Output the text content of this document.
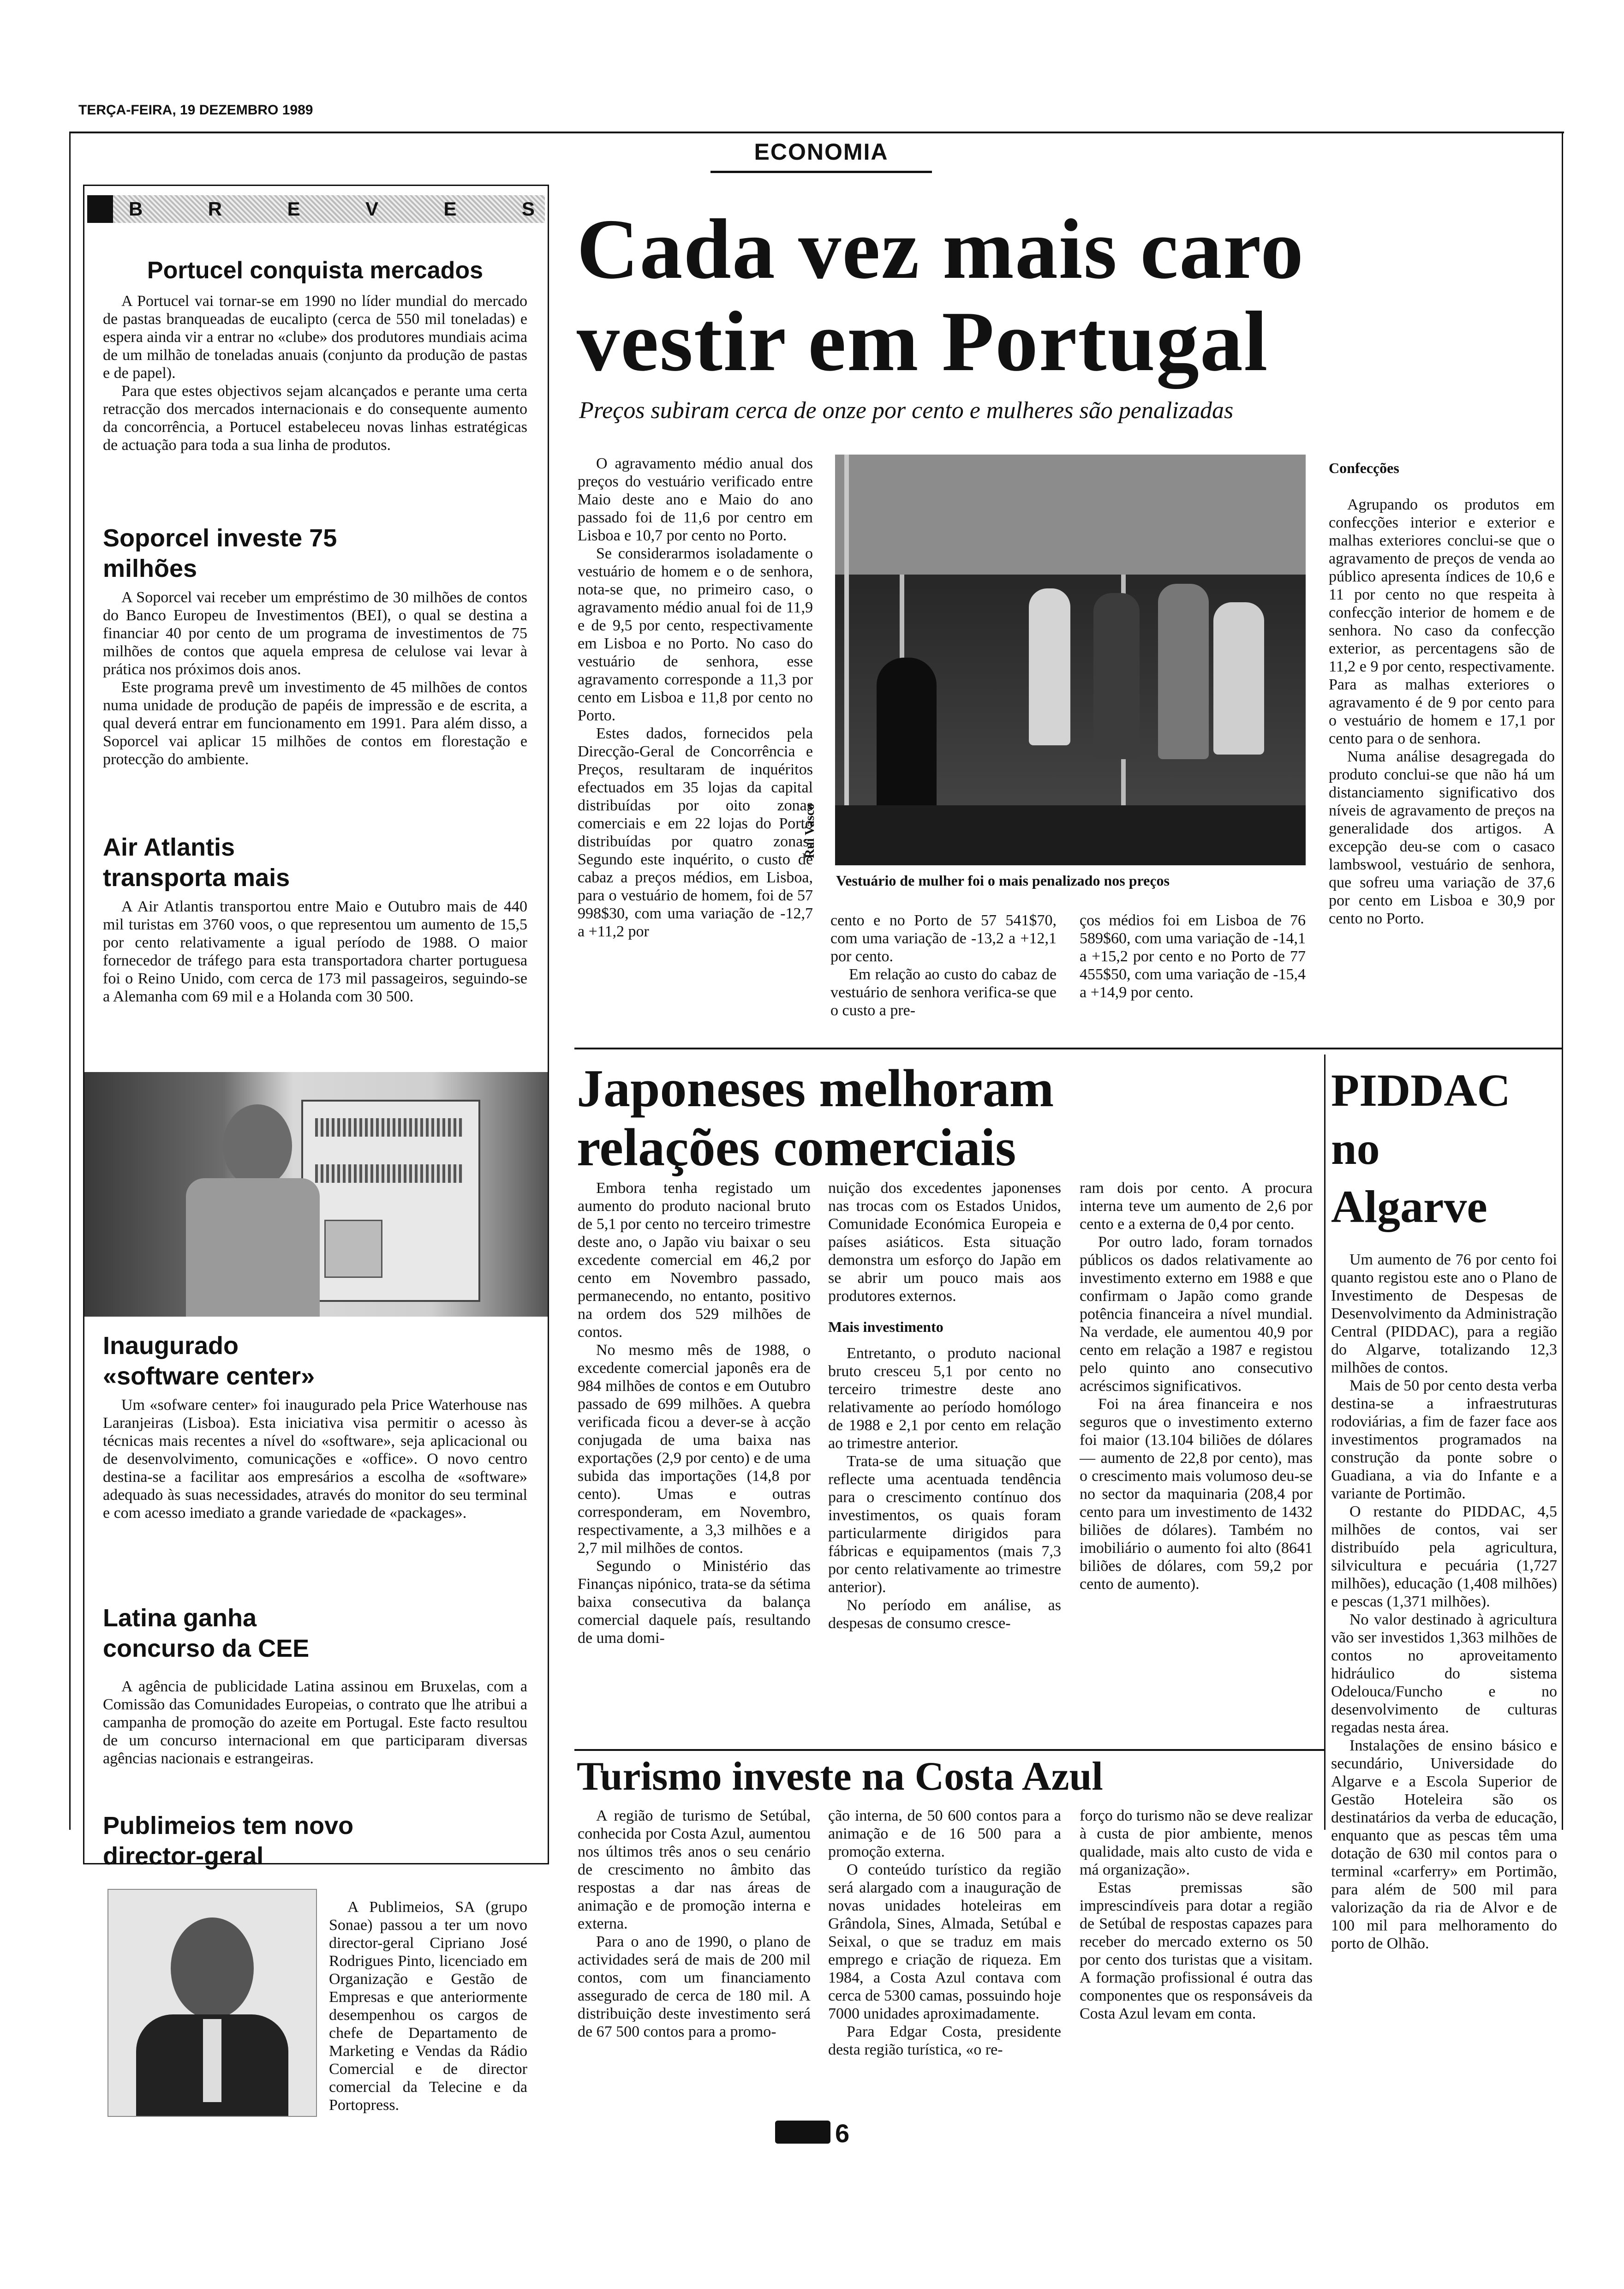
TERÇA-FEIRA, 19 DEZEMBRO 1989
ECONOMIA
B	R	E	V	E	S

Portucel conquista mercados

A Portucel vai tornar-se em 1990 no líder mundial do mercado de pastas branqueadas de eucalipto (cerca de 550 mil toneladas) e espera ainda vir a entrar no «clube» dos produtores mundiais acima de um milhão de toneladas anuais (conjunto da produção de pastas e de papel).

Para que estes objectivos sejam alcançados e perante uma certa retracção dos mercados internacionais e do consequente aumento da concorrência, a Portucel estabeleceu novas linhas estratégicas de actuação para toda a sua linha de produtos.

Soporcel investe 75 milhões

A Soporcel vai receber um empréstimo de 30 milhões de contos do Banco Europeu de Investimentos (BEI), o qual se destina a financiar 40 por cento de um programa de investimentos de 75 milhões de contos que aquela empresa de celulose vai levar à prática nos próximos dois anos.

Este programa prevê um investimento de 45 milhões de contos numa unidade de produção de papéis de impressão e de escrita, a qual deverá entrar em funcionamento em 1991. Para além disso, a Soporcel vai aplicar 15 milhões de contos em florestação e protecção do ambiente.

Air Atlantis transporta mais

A Air Atlantis transportou entre Maio e Outubro mais de 440 mil turistas em 3760 voos, o que representou um aumento de 15,5 por cento relativamente a igual período de 1988. O maior fornecedor de tráfego para esta transportadora charter portuguesa foi o Reino Unido, com cerca de 173 mil passageiros, seguindo-se a Alemanha com 69 mil e a Holanda com 30 500.

Inaugurado «software center»

Um «sofware center» foi inaugurado pela Price Waterhouse nas Laranjeiras (Lisboa). Esta iniciativa visa permitir o acesso às técnicas mais recentes a nível do «software», seja aplicacional ou de desenvolvimento, comunicações e «office». O novo centro destina-se a facilitar aos empresários a escolha de «software» adequado às suas necessidades, através do monitor do seu terminal e com acesso imediato a grande variedade de «packages».

Latina ganha concurso da CEE

A agência de publicidade Latina assinou em Bruxelas, com a Comissão das Comunidades Europeias, o contrato que lhe atribui a campanha de promoção do azeite em Portugal. Este facto resultou de um concurso internacional em que participaram diversas agências nacionais e estrangeiras.

Publimeios tem novo director-geral

A Publimeios, SA (grupo Sonae) passou a ter um novo director-geral Cipriano José Rodrigues Pinto, licenciado em Organização e Gestão de Empresas e que anteriormente desempenhou os cargos de chefe de Departamento de Marketing e Vendas da Rádio Comercial e de director comercial da Telecine e da Portopress.

Cada vez mais caro
vestir em Portugal
Preços subiram cerca de onze por cento e mulheres são penalizadas

O agravamento médio anual dos preços do vestuário verificado entre Maio deste ano e Maio do ano passado foi de 11,6 por centro em Lisboa e 10,7 por cento no Porto.

Se considerarmos isoladamente o vestuário de homem e o de senhora, nota-se que, no primeiro caso, o agravamento médio anual foi de 11,9 e de 9,5 por cento, respectivamente em Lisboa e no Porto. No caso do vestuário de senhora, esse agravamento corresponde a 11,3 por cento em Lisboa e 11,8 por cento no Porto.

Estes dados, fornecidos pela Direcção-Geral de Concorrência e Preços, resultaram de inquéritos efectuados em 35 lojas da capital distribuídas por oito zonas comerciais e em 22 lojas do Porto distribuídas por quatro zonas. Segundo este inquérito, o custo de cabaz a preços médios, em Lisboa, para o vestuário de homem, foi de 57 998$30, com uma variação de -12,7 a +11,2 por

Rui Vasco
Vestuário de mulher foi o mais penalizado nos preços

cento e no Porto de 57 541$70, com uma variação de -13,2 a +12,1 por cento.

Em relação ao custo do cabaz de vestuário de senhora verifica-se que o custo a pre-

ços médios foi em Lisboa de 76 589$60, com uma variação de -14,1 a +15,2 por cento e no Porto de 77 455$50, com uma variação de -15,4 a +14,9 por cento.

Confecções

Agrupando os produtos em confecções interior e exterior e malhas exteriores conclui-se que o agravamento de preços de venda ao público apresenta índices de 10,6 e 11 por cento no que respeita à confecção interior de homem e de senhora. No caso da confecção exterior, as percentagens são de 11,2 e 9 por cento, respectivamente. Para as malhas exteriores o agravamento é de 9 por cento para o vestuário de homem e 17,1 por cento para o de senhora.

Numa análise desagregada do produto conclui-se que não há um distanciamento significativo dos níveis de agravamento de preços na generalidade dos artigos. A excepção deu-se com o casaco lambswool, vestuário de senhora, que sofreu uma variação de 37,6 por cento em Lisboa e 30,9 por cento no Porto.

Japoneses melhoram
relações comerciais

Embora tenha registado um aumento do produto nacional bruto de 5,1 por cento no terceiro trimestre deste ano, o Japão viu baixar o seu excedente comercial em 46,2 por cento em Novembro passado, permanecendo, no entanto, positivo na ordem dos 529 milhões de contos.

No mesmo mês de 1988, o excedente comercial japonês era de 984 milhões de contos e em Outubro passado de 699 milhões. A quebra verificada ficou a dever-se à acção conjugada de uma baixa nas exportações (2,9 por cento) e de uma subida das importações (14,8 por cento). Umas e outras corresponderam, em Novembro, respectivamente, a 3,3 milhões e a 2,7 mil milhões de contos.

Segundo o Ministério das Finanças nipónico, trata-se da sétima baixa consecutiva da balança comercial daquele país, resultando de uma domi-

nuição dos excedentes japonenses nas trocas com os Estados Unidos, Comunidade Económica Europeia e países asiáticos. Esta situação demonstra um esforço do Japão em se abrir um pouco mais aos produtores externos.

Mais investimento

Entretanto, o produto nacional bruto cresceu 5,1 por cento no terceiro trimestre deste ano relativamente ao período homólogo de 1988 e 2,1 por cento em relação ao trimestre anterior.

Trata-se de uma situação que reflecte uma acentuada tendência para o crescimento contínuo dos investimentos, os quais foram particularmente dirigidos para fábricas e equipamentos (mais 7,3 por cento relativamente ao trimestre anterior).

No período em análise, as despesas de consumo cresce-

ram dois por cento. A procura interna teve um aumento de 2,6 por cento e a externa de 0,4 por cento.

Por outro lado, foram tornados públicos os dados relativamente ao investimento externo em 1988 e que confirmam o Japão como grande potência financeira a nível mundial. Na verdade, ele aumentou 40,9 por cento em relação a 1987 e registou pelo quinto ano consecutivo acréscimos significativos.

Foi na área financeira e nos seguros que o investimento externo foi maior (13.104 biliões de dólares — aumento de 22,8 por cento), mas o crescimento mais volumoso deu-se no sector da maquinaria (208,4 por cento para um investimento de 1432 biliões de dólares). Também no imobiliário o aumento foi alto (8641 biliões de dólares, com 59,2 por cento de aumento).

PIDDAC
no
Algarve

Um aumento de 76 por cento foi quanto registou este ano o Plano de Investimento de Despesas de Desenvolvimento da Administração Central (PIDDAC), para a região do Algarve, totalizando 12,3 milhões de contos.

Mais de 50 por cento desta verba destina-se a infraestruturas rodoviárias, a fim de fazer face aos investimentos programados na construção da ponte sobre o Guadiana, a via do Infante e a variante de Portimão.

O restante do PIDDAC, 4,5 milhões de contos, vai ser distribuído pela agricultura, silvicultura e pecuária (1,727 milhões), educação (1,408 milhões) e pescas (1,371 milhões).

No valor destinado à agricultura vão ser investidos 1,363 milhões de contos no aproveitamento hidráulico do sistema Odelouca/Funcho e no desenvolvimento de culturas regadas nesta área.

Instalações de ensino básico e secundário, Universidade do Algarve e a Escola Superior de Gestão Hoteleira são os destinatários da verba de educação, enquanto que as pescas têm uma dotação de 630 mil contos para o terminal «carferry» em Portimão, para além de 500 mil para valorização da ria de Alvor e de 100 mil para melhoramento do porto de Olhão.

Turismo investe na Costa Azul

A região de turismo de Setúbal, conhecida por Costa Azul, aumentou nos últimos três anos o seu cenário de crescimento no âmbito das respostas a dar nas áreas de animação e de promoção interna e externa.

Para o ano de 1990, o plano de actividades será de mais de 200 mil contos, com um financiamento assegurado de cerca de 180 mil. A distribuição deste investimento será de 67 500 contos para a promo-

ção interna, de 50 600 contos para a animação e de 16 500 para a promoção externa.

O conteúdo turístico da região será alargado com a inauguração de novas unidades hoteleiras em Grândola, Sines, Almada, Setúbal e Seixal, o que se traduz em mais emprego e criação de riqueza. Em 1984, a Costa Azul contava com cerca de 5300 camas, possuindo hoje 7000 unidades aproximadamente.

Para Edgar Costa, presidente desta região turística, «o re-

forço do turismo não se deve realizar à custa de pior ambiente, menos qualidade, mais alto custo de vida e má organização».

Estas premissas são imprescindíveis para dotar a região de Setúbal de respostas capazes para receber do mercado externo os 50 por cento dos turistas que a visitam. A formação profissional é outra das componentes que os responsáveis da Costa Azul levam em conta.

6
